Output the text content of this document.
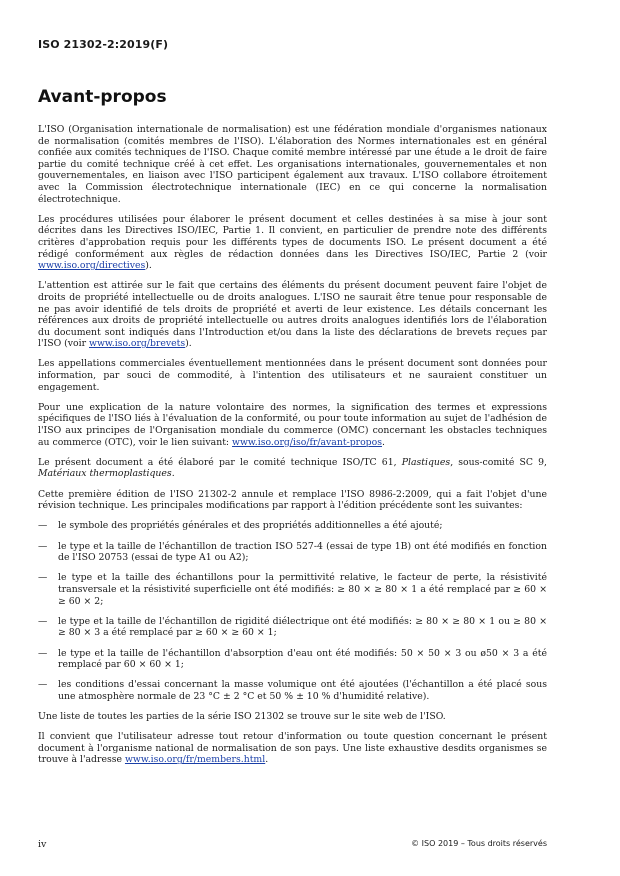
ISO 21302-2:2019(F)
Avant-propos

L'ISO (Organisation internationale de normalisation) est une fédération mondiale d'organismes nationaux de normalisation (comités membres de l'ISO). L'élaboration des Normes internationales est en général confiée aux comités techniques de l'ISO. Chaque comité membre intéressé par une étude a le droit de faire partie du comité technique créé à cet effet. Les organisations internationales, gouvernementales et non gouvernementales, en liaison avec l'ISO participent également aux travaux. L'ISO collabore étroitement avec la Commission électrotechnique internationale (IEC) en ce qui concerne la normalisation électrotechnique.

Les procédures utilisées pour élaborer le présent document et celles destinées à sa mise à jour sont décrites dans les Directives ISO/IEC, Partie 1. Il convient, en particulier de prendre note des différents critères d'approbation requis pour les différents types de documents ISO. Le présent document a été rédigé conformément aux règles de rédaction données dans les Directives ISO/IEC, Partie 2 (voir www.iso.org/directives).

L'attention est attirée sur le fait que certains des éléments du présent document peuvent faire l'objet de droits de propriété intellectuelle ou de droits analogues. L'ISO ne saurait être tenue pour responsable de ne pas avoir identifié de tels droits de propriété et averti de leur existence. Les détails concernant les références aux droits de propriété intellectuelle ou autres droits analogues identifiés lors de l'élaboration du document sont indiqués dans l'Introduction et/ou dans la liste des déclarations de brevets reçues par l'ISO (voir www.iso.org/brevets).

Les appellations commerciales éventuellement mentionnées dans le présent document sont données pour information, par souci de commodité, à l'intention des utilisateurs et ne sauraient constituer un engagement.

Pour une explication de la nature volontaire des normes, la signification des termes et expressions spécifiques de l'ISO liés à l'évaluation de la conformité, ou pour toute information au sujet de l'adhésion de l'ISO aux principes de l'Organisation mondiale du commerce (OMC) concernant les obstacles techniques au commerce (OTC), voir le lien suivant: www.iso.org/iso/fr/avant-propos.

Le présent document a été élaboré par le comité technique ISO/TC 61, Plastiques, sous-comité SC 9, Matériaux thermoplastiques.

Cette première édition de l'ISO 21302-2 annule et remplace l'ISO 8986-2:2009, qui a fait l'objet d'une révision technique. Les principales modifications par rapport à l'édition précédente sont les suivantes:

— le symbole des propriétés générales et des propriétés additionnelles a été ajouté;
— le type et la taille de l'échantillon de traction ISO 527-4 (essai de type 1B) ont été modifiés en fonction de l'ISO 20753 (essai de type A1 ou A2);
— le type et la taille des échantillons pour la permittivité relative, le facteur de perte, la résistivité transversale et la résistivité superficielle ont été modifiés: ≥ 80 × ≥ 80 × 1 a été remplacé par ≥ 60 × ≥ 60 × 2;
— le type et la taille de l'échantillon de rigidité diélectrique ont été modifiés: ≥ 80 × ≥ 80 × 1 ou ≥ 80 × ≥ 80 × 3 a été remplacé par ≥ 60 × ≥ 60 × 1;
— le type et la taille de l'échantillon d'absorption d'eau ont été modifiés: 50 × 50 × 3 ou ø50 × 3 a été remplacé par 60 × 60 × 1;
— les conditions d'essai concernant la masse volumique ont été ajoutées (l'échantillon a été placé sous une atmosphère normale de 23 °C ± 2 °C et 50 % ± 10 % d'humidité relative).

Une liste de toutes les parties de la série ISO 21302 se trouve sur le site web de l'ISO.

Il convient que l'utilisateur adresse tout retour d'information ou toute question concernant le présent document à l'organisme national de normalisation de son pays. Une liste exhaustive desdits organismes se trouve à l'adresse www.iso.org/fr/members.html.

iv	© ISO 2019 – Tous droits réservés
